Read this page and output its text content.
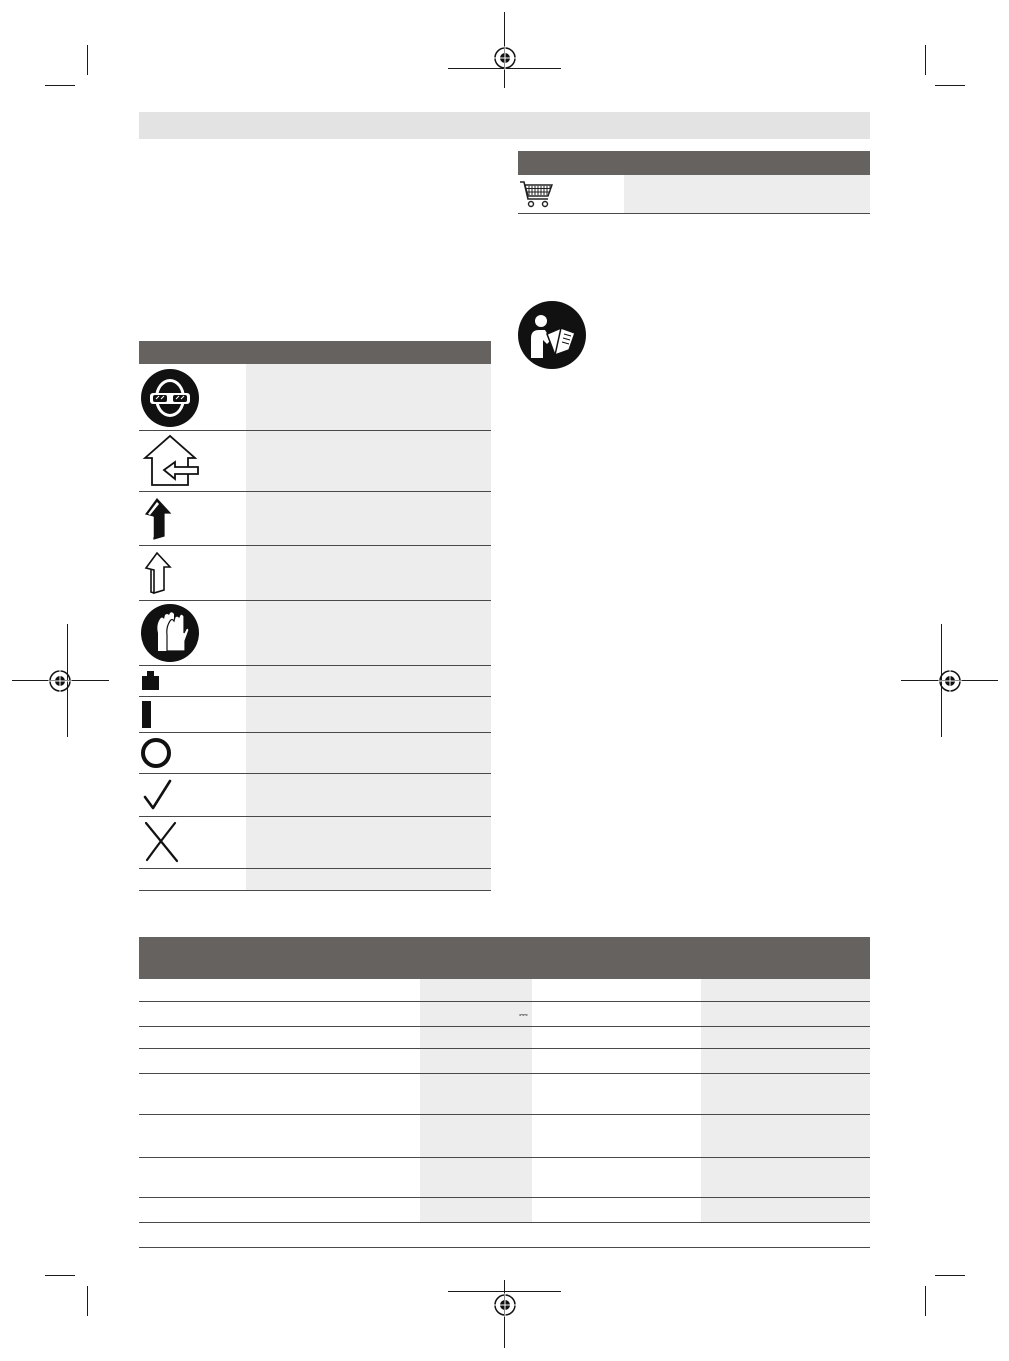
⎓
